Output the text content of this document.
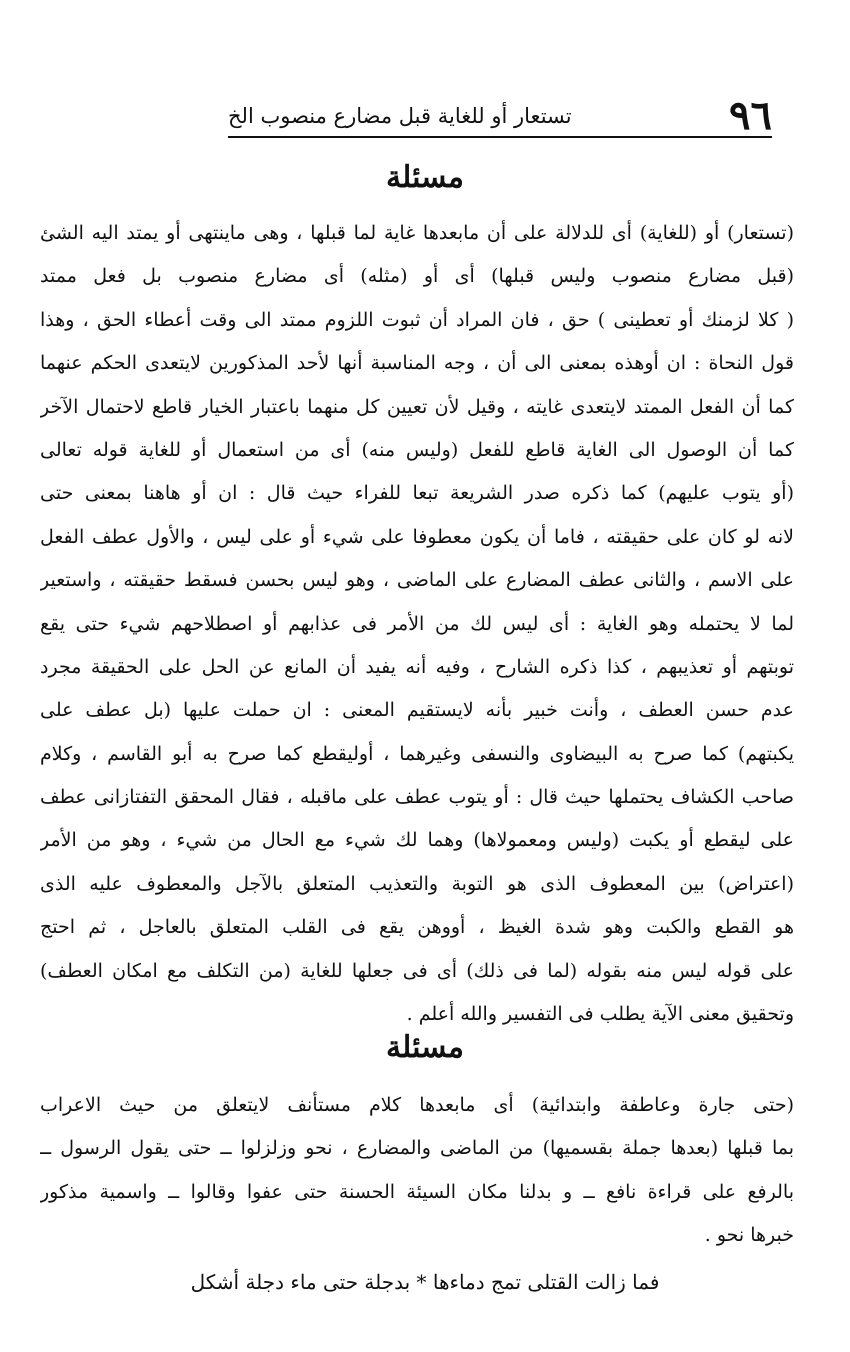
٩٦
تستعار أو للغاية قبل مضارع منصوب الخ
مسئلة
(تستعار) أو (للغاية) أى للدلالة على أن مابعدها غاية لما قبلها ، وهى ماينتهى أو يمتد اليه الشئ
(قبل مضارع منصوب وليس قبلها) أى أو (مثله) أى مضارع منصوب بل فعل ممتد
( كلا لزمنك أو تعطينى ) حق ، فان المراد أن ثبوت اللزوم ممتد الى وقت أعطاء الحق ، وهذا
قول النحاة : ان أوهذه بمعنى الى أن ، وجه المناسبة أنها لأحد المذكورين لايتعدى الحكم عنهما
كما أن الفعل الممتد لايتعدى غايته ، وقيل لأن تعيين كل منهما باعتبار الخيار قاطع لاحتمال الآخر
كما أن الوصول الى الغاية قاطع للفعل (وليس منه) أى من استعمال أو للغاية قوله تعالى
(أو يتوب عليهم) كما ذكره صدر الشريعة تبعا للفراء حيث قال : ان أو هاهنا بمعنى حتى
لانه لو كان على حقيقته ، فاما أن يكون معطوفا على شيء أو على ليس ، والأول عطف الفعل
على الاسم ، والثانى عطف المضارع على الماضى ، وهو ليس بحسن فسقط حقيقته ، واستعير
لما لا يحتمله وهو الغاية : أى ليس لك من الأمر فى عذابهم أو اصطلاحهم شيء حتى يقع
توبتهم أو تعذيبهم ، كذا ذكره الشارح ، وفيه أنه يفيد أن المانع عن الحل على الحقيقة مجرد
عدم حسن العطف ، وأنت خبير بأنه لايستقيم المعنى : ان حملت عليها (بل عطف على
يكبتهم) كما صرح به البيضاوى والنسفى وغيرهما ، أوليقطع كما صرح به أبو القاسم ، وكلام
صاحب الكشاف يحتملها حيث قال : أو يتوب عطف على ماقبله ، فقال المحقق التفتازانى عطف
على ليقطع أو يكبت (وليس ومعمولاها) وهما لك شيء مع الحال من شيء ، وهو من الأمر
(اعتراض) بين المعطوف الذى هو التوبة والتعذيب المتعلق بالآجل والمعطوف عليه الذى
هو القطع والكبت وهو شدة الغيظ ، أووهن يقع فى القلب المتعلق بالعاجل ، ثم احتج
على قوله ليس منه بقوله (لما فى ذلك) أى فى جعلها للغاية (من التكلف مع امكان العطف)
وتحقيق معنى الآية يطلب فى التفسير والله أعلم .
مسئلة
(حتى جارة وعاطفة وابتدائية) أى مابعدها كلام مستأنف لايتعلق من حيث الاعراب
بما قبلها (بعدها جملة بقسميها) من الماضى والمضارع ، نحو وزلزلوا ــ حتى يقول الرسول ــ
بالرفع على قراءة نافع ــ و بدلنا مكان السيئة الحسنة حتى عفوا وقالوا ــ واسمية مذكور
خبرها نحو .
فما زالت القتلى تمج دماءها * بدجلة حتى ماء دجلة أشكل
